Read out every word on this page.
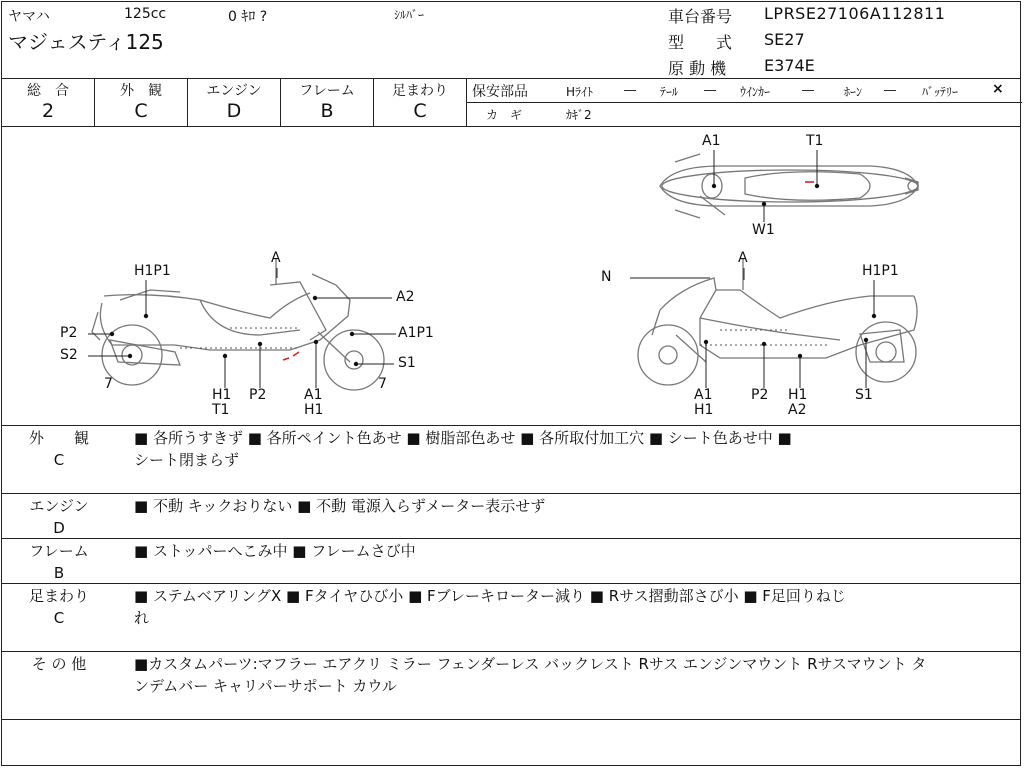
ヤマハ	125cc	0 ｷﾛ ?	ｼﾙﾊﾞｰ
マジェスティ125
車台番号 LPRSE27106A112811
型　　式 SE27
原 動 機 E374E
総　合
2
外　観
C
エンジン
D
フレーム
B
足まわり
C
保安部品	Hﾗｲﾄ	― ﾃｰﾙ ― ｳｲﾝｶｰ	―	ﾎｰﾝ ― ﾊﾞｯﾃﾘｰ ×
カ　ギ	ｶｷﾞ2
A1	T1
W1
A
H1P1
A2
P2	A1P1
S2	S1
7	7
H1
T1
P2	A1
H1
N
A
H1P1
A1
H1
P2 H1
A2
S1
外　　観
C
■ 各所うすきず ■ 各所ペイント色あせ ■ 樹脂部色あせ ■ 各所取付加工穴 ■ シート色あせ中 ■
シート閉まらず
エンジン
D
■ 不動 キックおりない ■ 不動 電源入らずメーター表示せず
フレーム
B
■ ストッパーへこみ中 ■ フレームさび中
足まわり
C
■ ステムベアリングX ■ Fタイヤひび小 ■ Fブレーキローター減り ■ Rサス摺動部さび小 ■ F足回りねじ
れ
そ の 他	■カスタムパーツ:マフラー エアクリ ミラー フェンダーレス バックレスト Rサス エンジンマウント Rサスマウント タ
ンデムバー キャリパーサポート カウル
